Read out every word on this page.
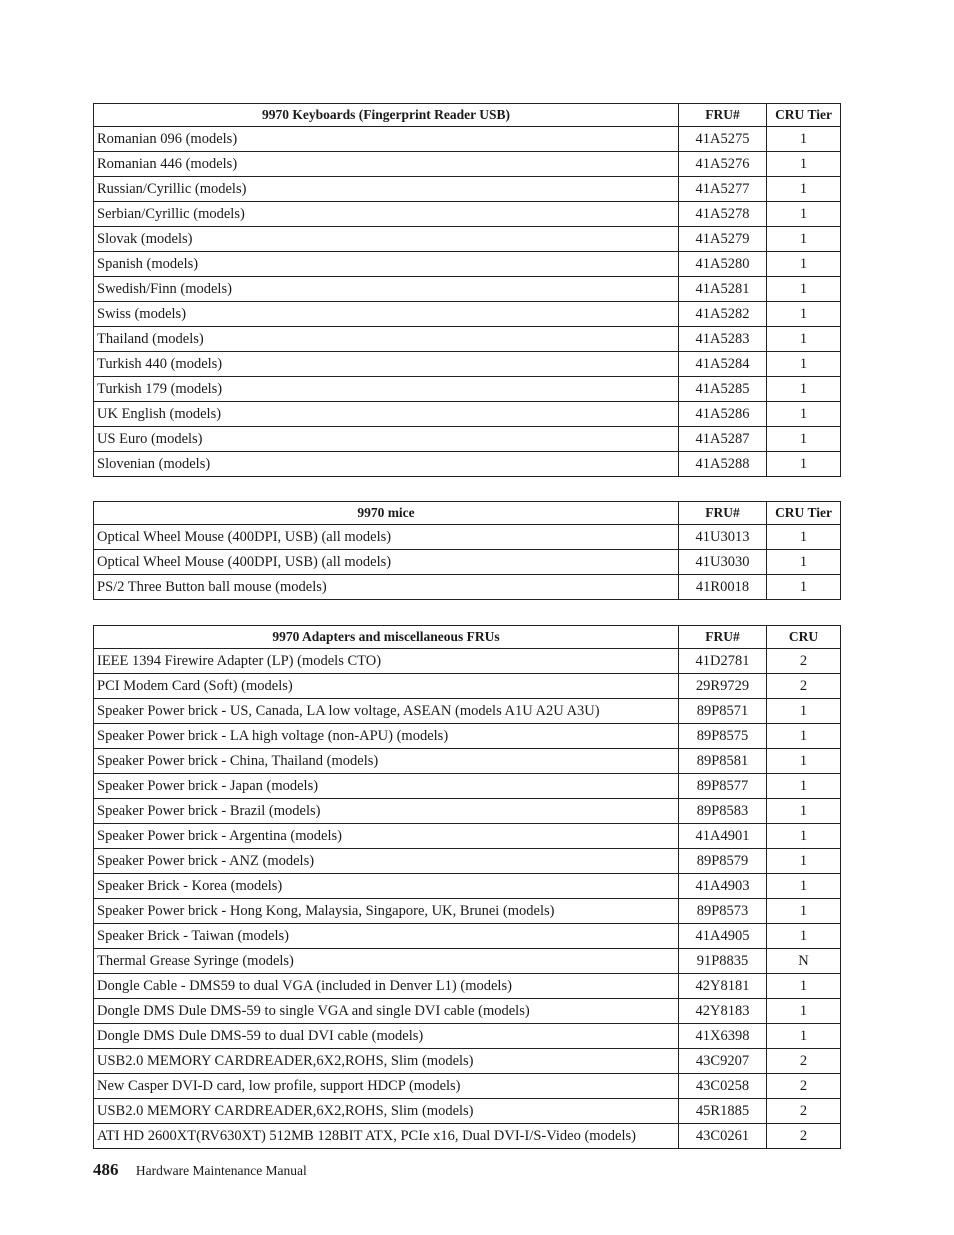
9970 Keyboards (Fingerprint Reader USB)	FRU#	CRU Tier
Romanian 096 (models)	41A5275	1
Romanian 446 (models)	41A5276	1
Russian/Cyrillic (models)	41A5277	1
Serbian/Cyrillic (models)	41A5278	1
Slovak (models)	41A5279	1
Spanish (models)	41A5280	1
Swedish/Finn (models)	41A5281	1
Swiss (models)	41A5282	1
Thailand (models)	41A5283	1
Turkish 440 (models)	41A5284	1
Turkish 179 (models)	41A5285	1
UK English (models)	41A5286	1
US Euro (models)	41A5287	1
Slovenian (models)	41A5288	1
9970 mice	FRU#	CRU Tier
Optical Wheel Mouse (400DPI, USB) (all models)	41U3013	1
Optical Wheel Mouse (400DPI, USB) (all models)	41U3030	1
PS/2 Three Button ball mouse (models)	41R0018	1
9970 Adapters and miscellaneous FRUs	FRU#	CRU
IEEE 1394 Firewire Adapter (LP) (models CTO)	41D2781	2
PCI Modem Card (Soft) (models)	29R9729	2
Speaker Power brick - US, Canada, LA low voltage, ASEAN (models A1U A2U A3U)	89P8571	1
Speaker Power brick - LA high voltage (non-APU) (models)	89P8575	1
Speaker Power brick - China, Thailand (models)	89P8581	1
Speaker Power brick - Japan (models)	89P8577	1
Speaker Power brick - Brazil (models)	89P8583	1
Speaker Power brick - Argentina (models)	41A4901	1
Speaker Power brick - ANZ (models)	89P8579	1
Speaker Brick - Korea (models)	41A4903	1
Speaker Power brick - Hong Kong, Malaysia, Singapore, UK, Brunei (models)	89P8573	1
Speaker Brick - Taiwan (models)	41A4905	1
Thermal Grease Syringe (models)	91P8835	N
Dongle Cable - DMS59 to dual VGA (included in Denver L1) (models)	42Y8181	1
Dongle DMS Dule DMS-59 to single VGA and single DVI cable (models)	42Y8183	1
Dongle DMS Dule DMS-59 to dual DVI cable (models)	41X6398	1
USB2.0 MEMORY CARDREADER,6X2,ROHS, Slim (models)	43C9207	2
New Casper DVI-D card, low profile, support HDCP (models)	43C0258	2
USB2.0 MEMORY CARDREADER,6X2,ROHS, Slim (models)	45R1885	2
ATI HD 2600XT(RV630XT) 512MB 128BIT ATX, PCIe x16, Dual DVI-I/S-Video (models)	43C0261	2
486 Hardware Maintenance Manual
